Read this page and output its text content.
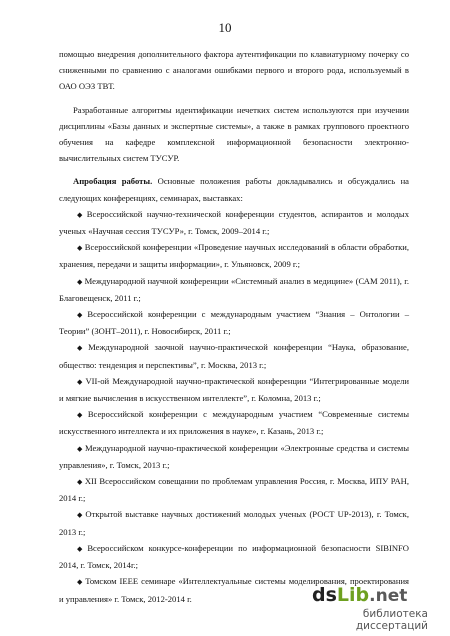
10

помощью внедрения дополнительного фактора аутентификации по клавиатурному почерку со сниженными по сравнению с аналогами ошибками первого и второго рода, используемый в ОАО ОЭЗ ТВТ.

Разработанные алгоритмы идентификации нечетких систем используются при изучении дисциплины «Базы данных и экспертные системы», а также в рамках группового проектного обучения на кафедре комплексной информационной безопасности электронно-вычислительных систем ТУСУР.

Апробация работы. Основные положения работы докладывались и обсуждались на следующих конференциях, семинарах, выставках:

◆ Всероссийской научно-технической конференции студентов, аспирантов и молодых ученых «Научная сессия ТУСУР», г. Томск, 2009–2014 г.;
◆ Всероссийской конференции «Проведение научных исследований в области обработки, хранения, передачи и защиты информации», г. Ульяновск, 2009 г.;
◆ Международной научной конференции «Системный анализ в медицине» (САМ 2011), г. Благовещенск, 2011 г.;
◆ Всероссийской конференции с международным участием “Знания – Онтологии – Теории” (ЗОНТ–2011), г. Новосибирск, 2011 г.;
◆ Международной заочной научно-практической конференции “Наука, образование, общество: тенденция и перспективы”, г. Москва, 2013 г.;
◆ VII-ой Международной научно-практической конференции “Интегрированные модели и мягкие вычисления в искусственном интеллекте”, г. Коломна, 2013 г.;
◆ Всероссийской конференции с международным участием “Современные системы искусственного интеллекта и их приложения в науке», г. Казань, 2013 г.;
◆ Международной научно-практической конференции «Электронные средства и системы управления», г. Томск, 2013 г.;
◆ XII Всероссийском совещании по проблемам управления Россия, г. Москва, ИПУ РАН, 2014 г.;
◆ Открытой выставке научных достижений молодых ученых (РОСТ UP-2013), г. Томск, 2013 г.;
◆ Всероссийском конкурсе-конференции по информационной безопасности SIBINFO 2014, г. Томск, 2014г.;
◆ Томском IEEE семинаре «Интеллектуальные системы моделирования, проектирования и управления» г. Томск, 2012-2014 г.	dsLib.net
библиотека диссертаций
